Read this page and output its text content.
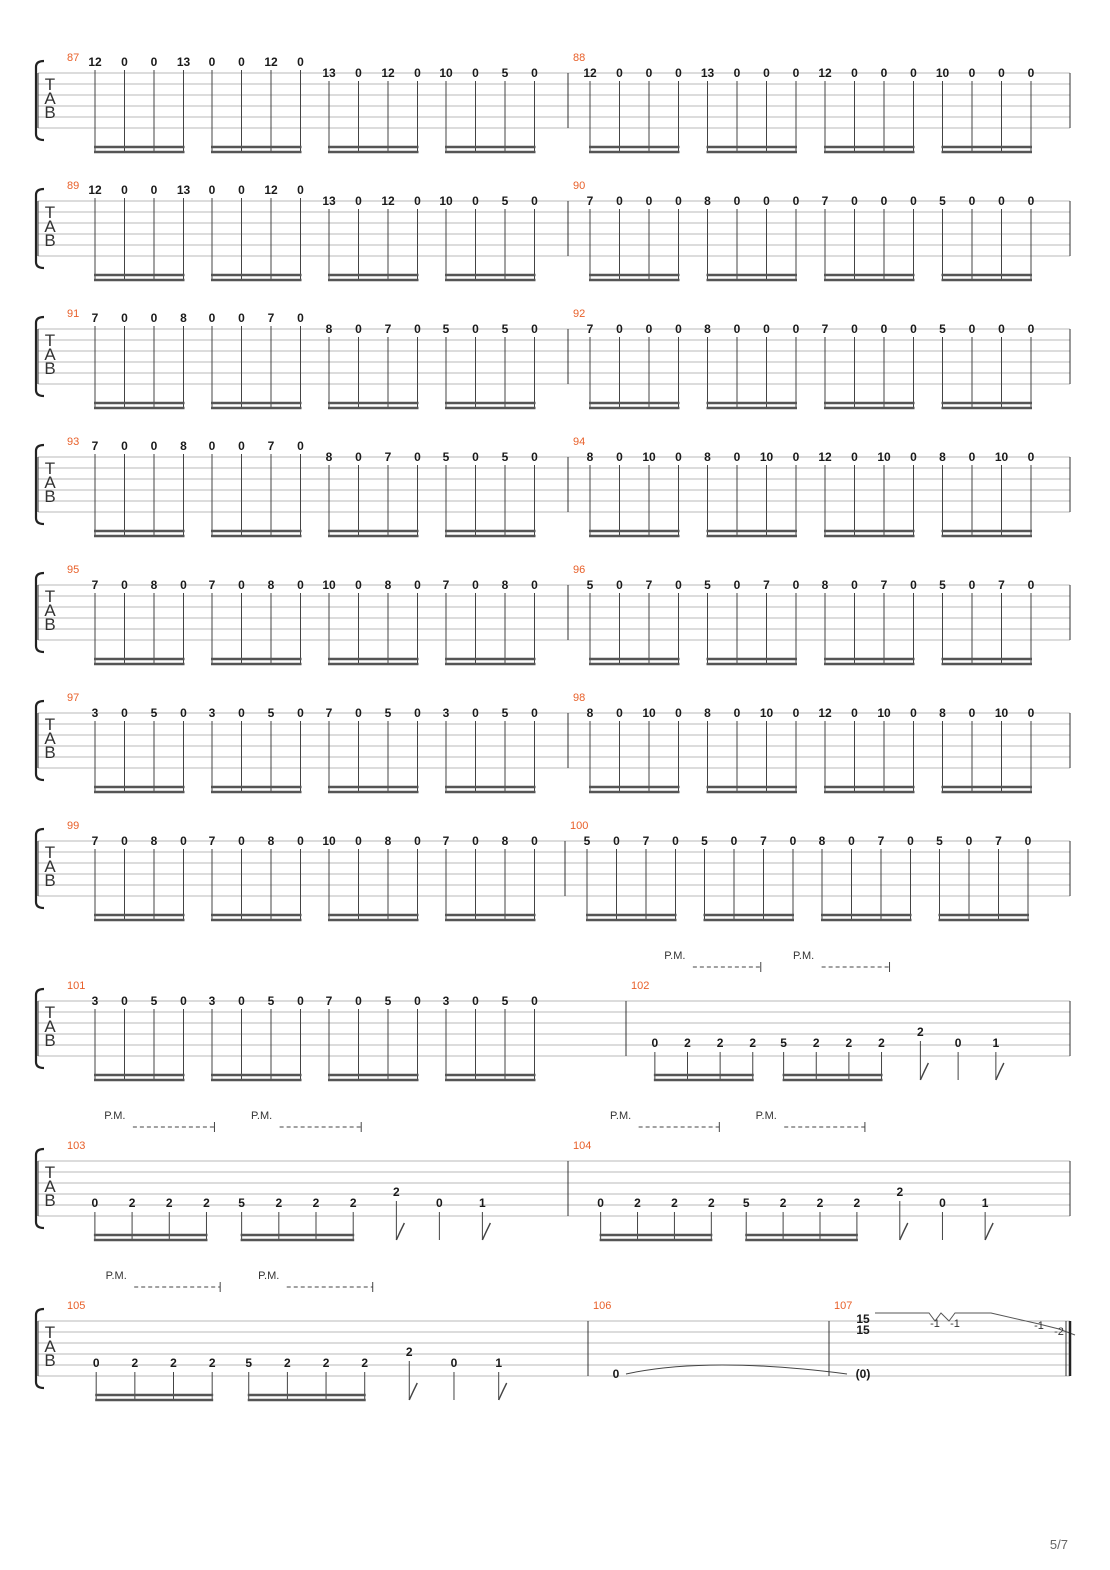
T
A
B
87 12 0 0 13 0 0 12 0
13 0 12 0 10 0 5 0
88
12 0 0 0 13 0 0 0 12 0 0 0 10 0 0 0
T
A
B
89 12 0 0 13 0 0 12 0
13 0 12 0 10 0 5 0
90
7 0 0 0 8 0 0 0 7 0 0 0 5 0 0 0
T
A
B
91 7 0 0 8 0 0 7 0
8 0 7 0 5 0 5 0
92
7 0 0 0 8 0 0 0 7 0 0 0 5 0 0 0
T
A
B
93 7 0 0 8 0 0 7 0
8 0 7 0 5 0 5 0
94
8 0 10 0 8 0 10 0 12 0 10 0 8 0 10 0
T
A
B
95
7 0 8 0 7 0 8 0 10 0 8 0 7 0 8 0
96
5 0 7 0 5 0 7 0 8 0 7 0 5 0 7 0
T
A
B
97
3 0 5 0 3 0 5 0 7 0 5 0 3 0 5 0
98
8 0 10 0 8 0 10 0 12 0 10 0 8 0 10 0
T
A
B
99
7 0 8 0 7 0 8 0 10 0 8 0 7 0 8 0
100
5 0 7 0 5 0 7 0 8 0 7 0 5 0 7 0
T
A
B
101
3 0 5 0 3 0 5 0 7 0 5 0 3 0 5 0
102
0 2 2 2
P.M.
5 2 2 2
P.M.
2
0	1
T
A
B
103
0	2	2	2
P.M.
5	2	2	2
P.M.
2
0	1
104
0	2	2	2
P.M.
5	2	2	2
P.M.
2
0	1
T
A
B
105
0	2	2	2
P.M.
5	2	2	2
P.M.
2
0	1
106
0
107
15
15
(0)
-1 -1	-1 -2
5/7
